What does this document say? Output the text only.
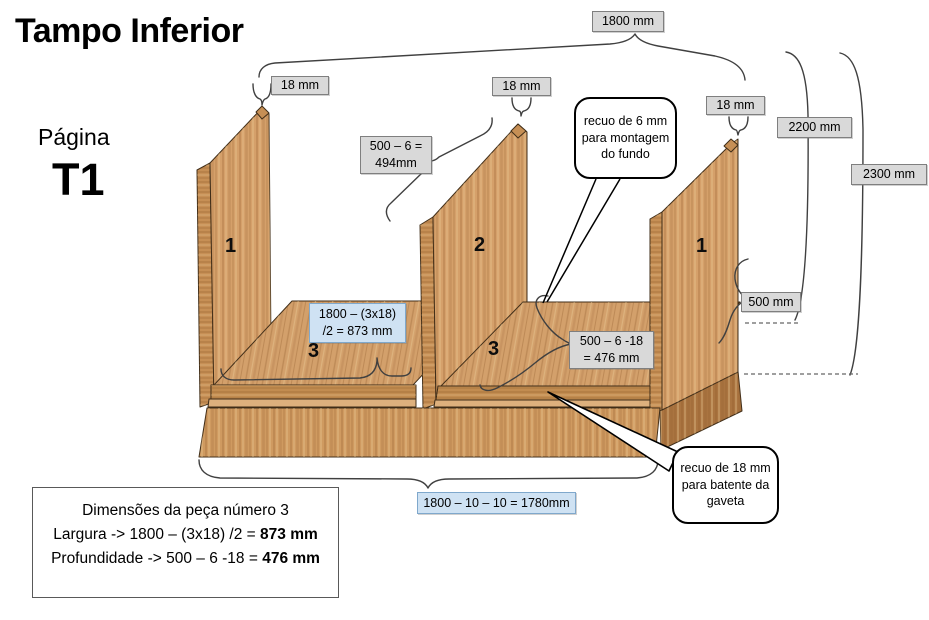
Tampo Inferior
Página
T1
1800 mm
18 mm	18 mm
18 mm
2200 mm
2300 mm
500 mm
500 – 6 =
494mm
500 – 6 -18
= 476 mm
1800 – (3x18)
/2 = 873 mm
1800 – 10 – 10 = 1780mm
recuo de 6 mm para montagem do fundo
recuo de 18 mm para batente da gaveta
1	2	1
3	3
Dimensões da peça número 3
Largura -> 1800 – (3x18) /2 = 873 mm
Profundidade -> 500 – 6 -18 = 476 mm
